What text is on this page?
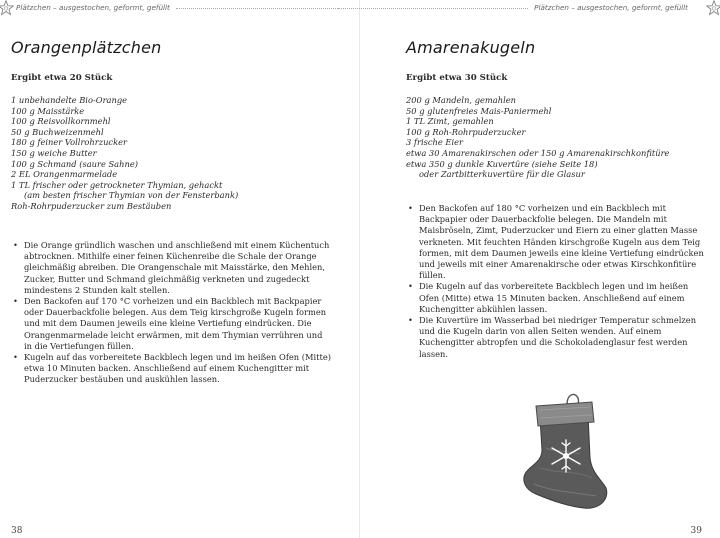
Plätzchen – ausgestochen, geformt, gefüllt
Orangenplätzchen
Ergibt etwa 20 Stück
1 unbehandelte Bio-Orange
100 g Maisstärke
100 g Reisvollkornmehl
50 g Buchweizenmehl
180 g feiner Vollrohrzucker
150 g weiche Butter
100 g Schmand (saure Sahne)
2 EL Orangenmarmelade
1 TL frischer oder getrockneter Thymian, gehackt
(am besten frischer Thymian von der Fensterbank)
Roh-Rohrpuderzucker zum Bestäuben
• Die Orange gründlich waschen und anschließend mit einem Küchentuch abtrocknen. Mithilfe einer feinen Küchenreibe die Schale der Orange gleichmäßig abreiben. Die Orangenschale mit Maisstärke, den Mehlen, Zucker, Butter und Schmand gleichmäßig verkneten und zugedeckt mindestens 2 Stunden kalt stellen.
• Den Backofen auf 170 °C vorheizen und ein Backblech mit Backpapier oder Dauerbackfolie belegen. Aus dem Teig kirschgroße Kugeln formen und mit dem Daumen jeweils eine kleine Vertiefung eindrücken. Die Orangenmarmelade leicht erwärmen, mit dem Thymian verrühren und in die Vertiefungen füllen.
• Kugeln auf das vorbereitete Backblech legen und im heißen Ofen (Mitte) etwa 10 Minuten backen. Anschließend auf einem Kuchengitter mit Puderzucker bestäuben und auskühlen lassen.
38
Plätzchen – ausgestochen, geformt, gefüllt
Amarenakugeln
Ergibt etwa 30 Stück
200 g Mandeln, gemahlen
50 g glutenfreies Mais-Paniermehl
1 TL Zimt, gemahlen
100 g Roh-Rohrpuderzucker
3 frische Eier
etwa 30 Amarenakirschen oder 150 g Amarenakirschkonfitüre
etwa 350 g dunkle Kuvertüre (siehe Seite 18)
oder Zartbitterkuvertüre für die Glasur
• Den Backofen auf 180 °C vorheizen und ein Backblech mit Backpapier oder Dauerbackfolie belegen. Die Mandeln mit Maisbröseln, Zimt, Puderzucker und Eiern zu einer glatten Masse verkneten. Mit feuchten Händen kirschgroße Kugeln aus dem Teig formen, mit dem Daumen jeweils eine kleine Vertiefung eindrücken und jeweils mit einer Amarenakirsche oder etwas Kirschkonfitüre füllen.
• Die Kugeln auf das vorbereitete Backblech legen und im heißen Ofen (Mitte) etwa 15 Minuten backen. Anschließend auf einem Kuchengitter abkühlen lassen.
• Die Kuvertüre im Wasserbad bei niedriger Temperatur schmelzen und die Kugeln darin von allen Seiten wenden. Auf einem Kuchengitter abtropfen und die Schokoladenglasur fest werden lassen.
39
